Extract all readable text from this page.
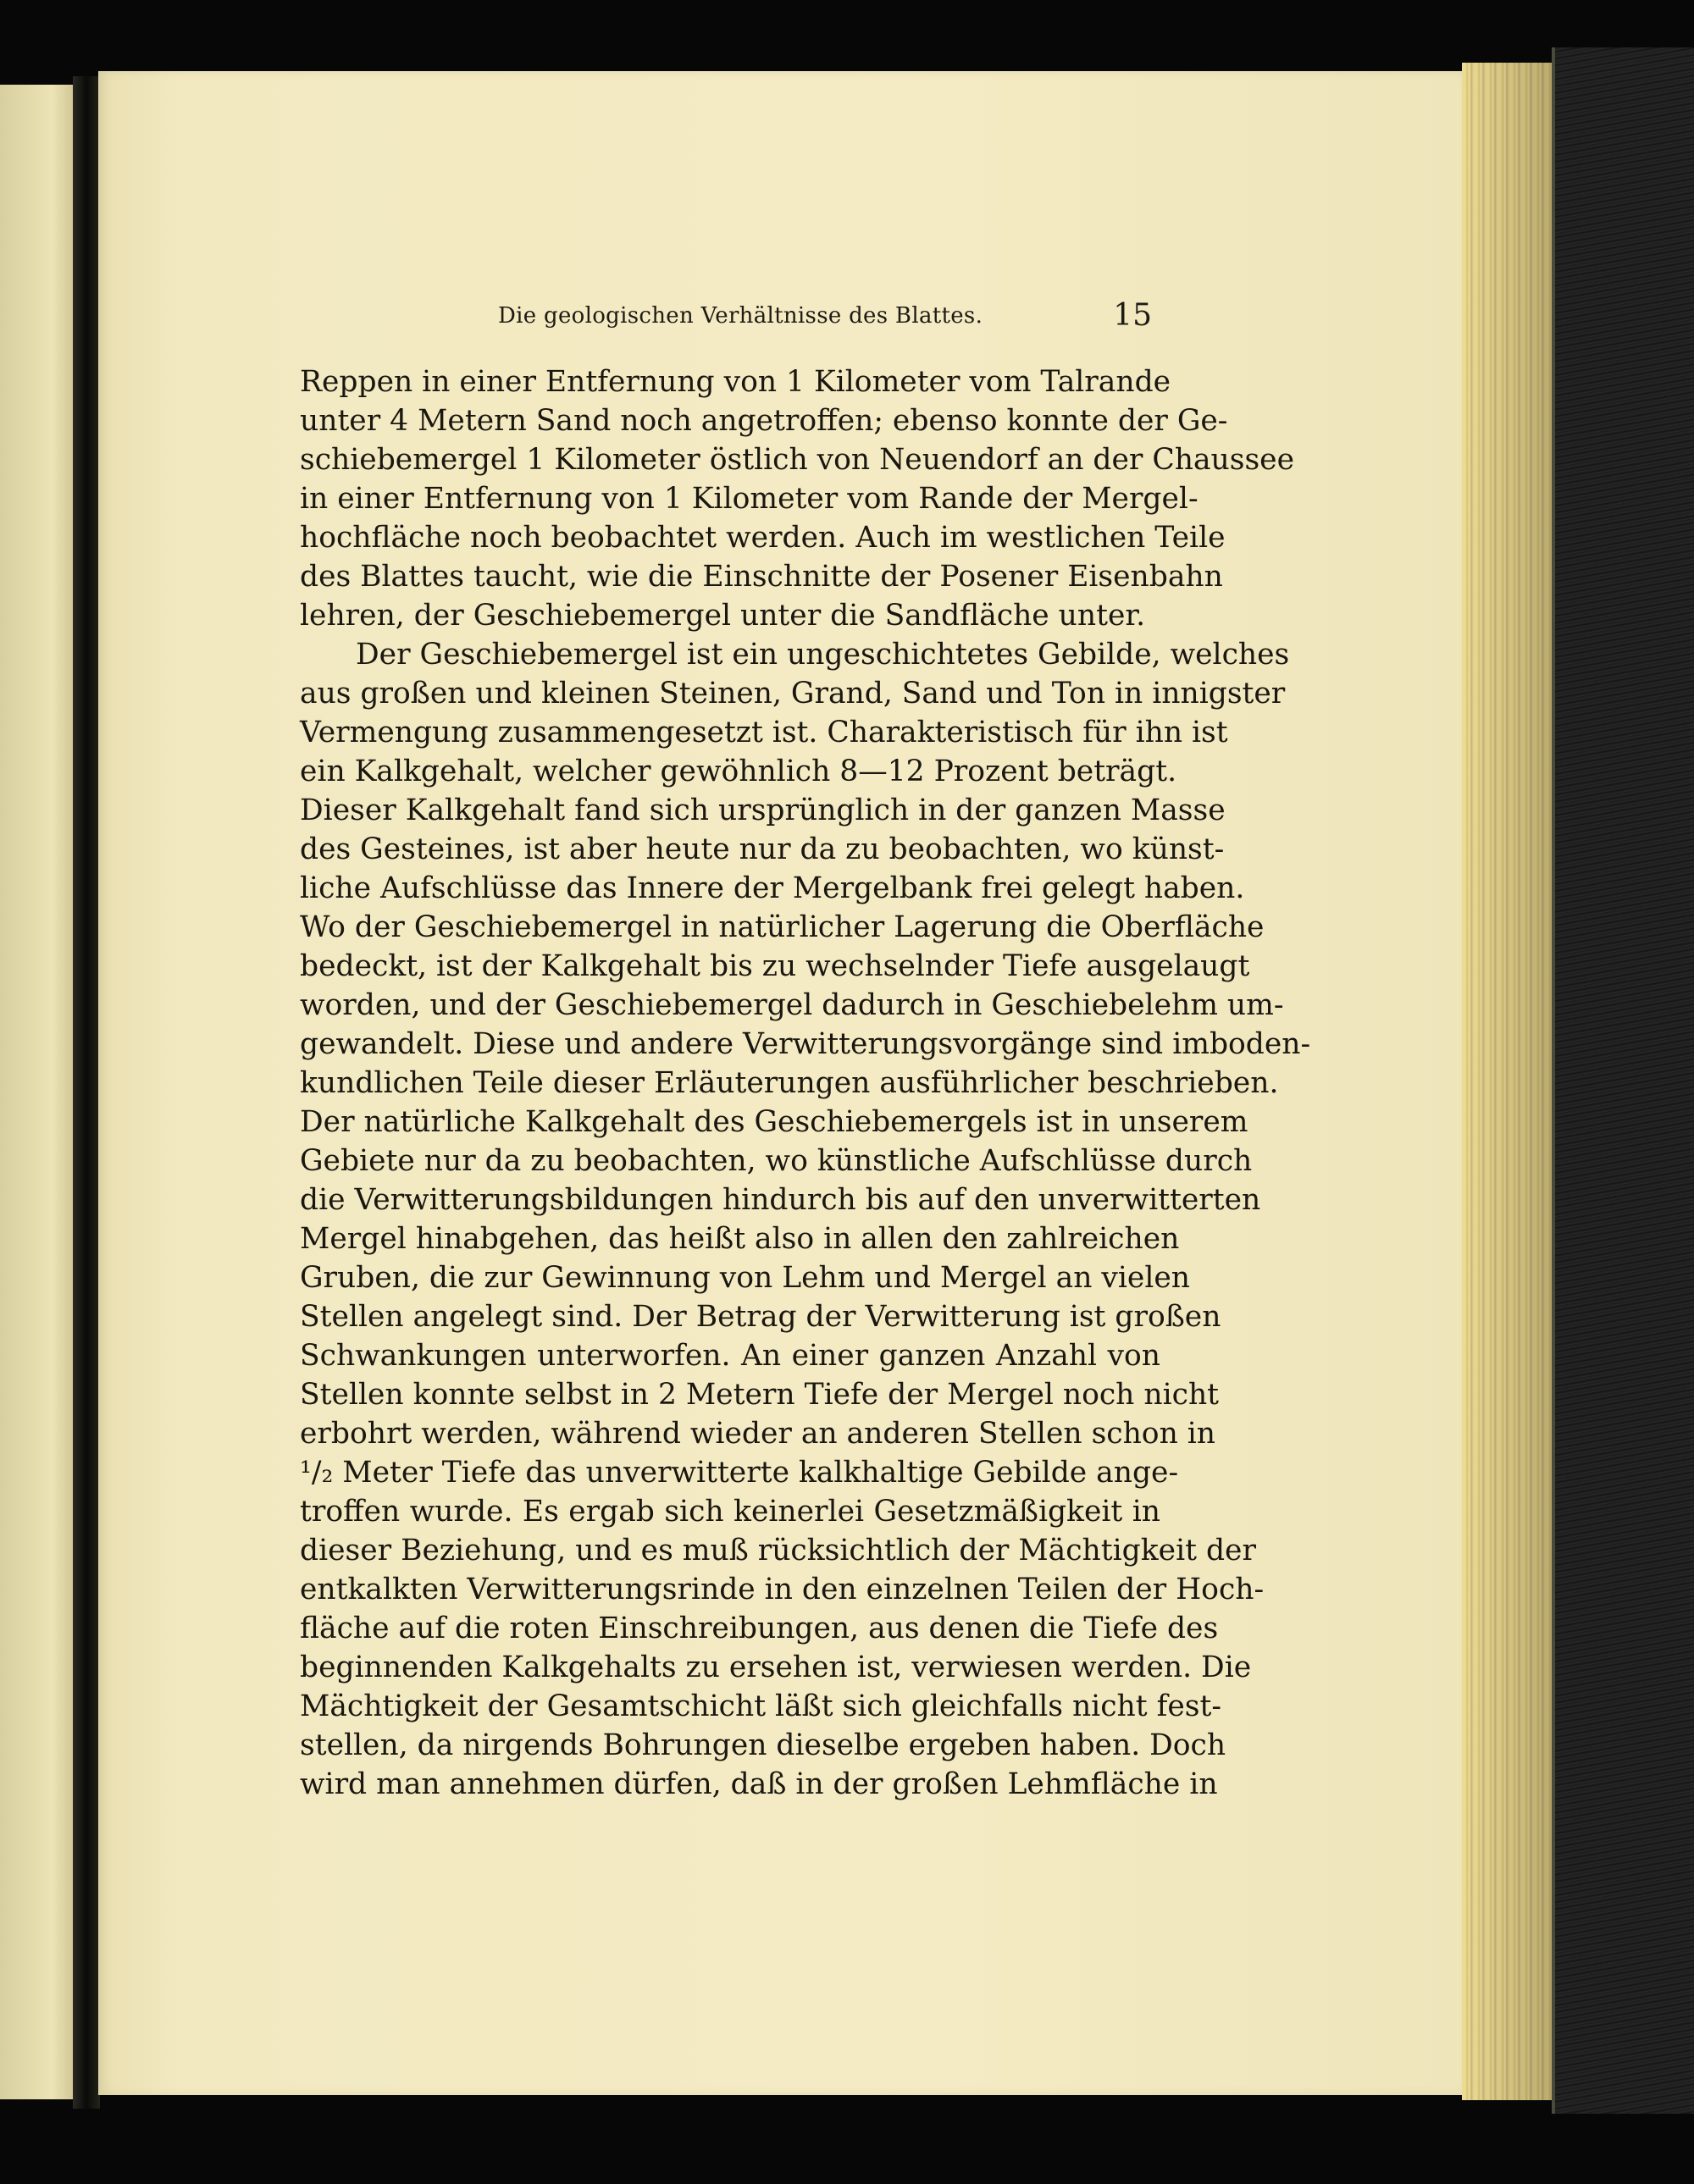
Die geologischen Verhältnisse des Blattes.	15
Reppen in einer Entfernung von 1 Kilometer vom Talrande
unter 4 Metern Sand noch angetroffen; ebenso konnte der Ge-
schiebemergel 1 Kilometer östlich von Neuendorf an der Chaussee
in einer Entfernung von 1 Kilometer vom Rande der Mergel-
hochfläche noch beobachtet werden. Auch im westlichen Teile
des Blattes taucht, wie die Einschnitte der Posener Eisenbahn
lehren, der Geschiebemergel unter die Sandfläche unter.
Der Geschiebemergel ist ein ungeschichtetes Gebilde, welches
aus großen und kleinen Steinen, Grand, Sand und Ton in innigster
Vermengung zusammengesetzt ist. Charakteristisch für ihn ist
ein Kalkgehalt, welcher gewöhnlich 8—12 Prozent beträgt.
Dieser Kalkgehalt fand sich ursprünglich in der ganzen Masse
des Gesteines, ist aber heute nur da zu beobachten, wo künst-
liche Aufschlüsse das Innere der Mergelbank frei gelegt haben.
Wo der Geschiebemergel in natürlicher Lagerung die Oberfläche
bedeckt, ist der Kalkgehalt bis zu wechselnder Tiefe ausgelaugt
worden, und der Geschiebemergel dadurch in Geschiebelehm um-
gewandelt. Diese und andere Verwitterungsvorgänge sind imboden-
kundlichen Teile dieser Erläuterungen ausführlicher beschrieben.
Der natürliche Kalkgehalt des Geschiebemergels ist in unserem
Gebiete nur da zu beobachten, wo künstliche Aufschlüsse durch
die Verwitterungsbildungen hindurch bis auf den unverwitterten
Mergel hinabgehen, das heißt also in allen den zahlreichen
Gruben, die zur Gewinnung von Lehm und Mergel an vielen
Stellen angelegt sind. Der Betrag der Verwitterung ist großen
Schwankungen unterworfen. An einer ganzen Anzahl von
Stellen konnte selbst in 2 Metern Tiefe der Mergel noch nicht
erbohrt werden, während wieder an anderen Stellen schon in
¹/₂ Meter Tiefe das unverwitterte kalkhaltige Gebilde ange-
troffen wurde. Es ergab sich keinerlei Gesetzmäßigkeit in
dieser Beziehung, und es muß rücksichtlich der Mächtigkeit der
entkalkten Verwitterungsrinde in den einzelnen Teilen der Hoch-
fläche auf die roten Einschreibungen, aus denen die Tiefe des
beginnenden Kalkgehalts zu ersehen ist, verwiesen werden. Die
Mächtigkeit der Gesamtschicht läßt sich gleichfalls nicht fest-
stellen, da nirgends Bohrungen dieselbe ergeben haben. Doch
wird man annehmen dürfen, daß in der großen Lehmfläche in
